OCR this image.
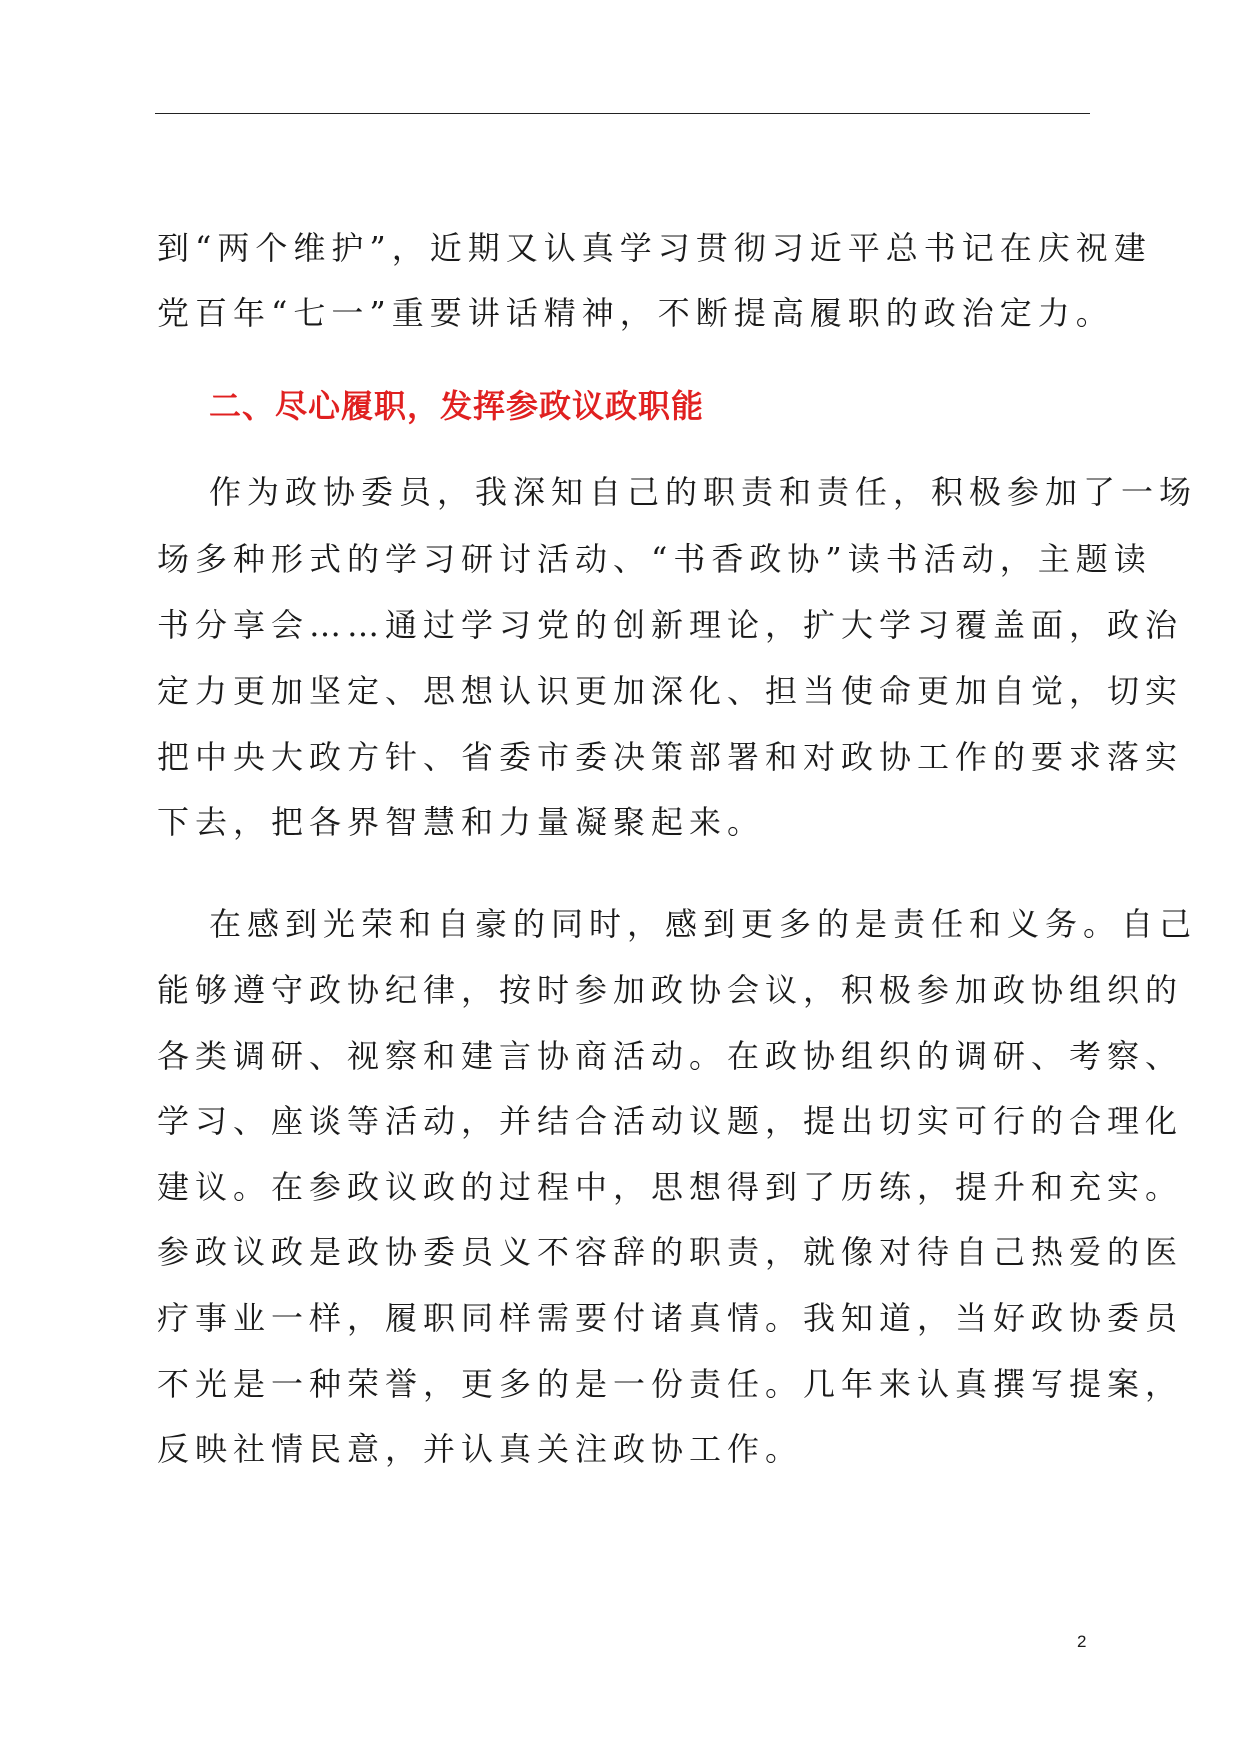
到“两个维护”，近期又认真学习贯彻习近平总书记在庆祝建
党百年“七一”重要讲话精神，不断提高履职的政治定力。
二、尽心履职，发挥参政议政职能
作为政协委员，我深知自己的职责和责任，积极参加了一场
场多种形式的学习研讨活动、“书香政协”读书活动，主题读
书分享会……通过学习党的创新理论，扩大学习覆盖面，政治
定力更加坚定、思想认识更加深化、担当使命更加自觉，切实
把中央大政方针、省委市委决策部署和对政协工作的要求落实
下去，把各界智慧和力量凝聚起来。
在感到光荣和自豪的同时，感到更多的是责任和义务。自己
能够遵守政协纪律，按时参加政协会议，积极参加政协组织的
各类调研、视察和建言协商活动。在政协组织的调研、考察、
学习、座谈等活动，并结合活动议题，提出切实可行的合理化
建议。在参政议政的过程中，思想得到了历练，提升和充实。
参政议政是政协委员义不容辞的职责，就像对待自己热爱的医
疗事业一样，履职同样需要付诸真情。我知道，当好政协委员
不光是一种荣誉，更多的是一份责任。几年来认真撰写提案，
反映社情民意，并认真关注政协工作。
2
